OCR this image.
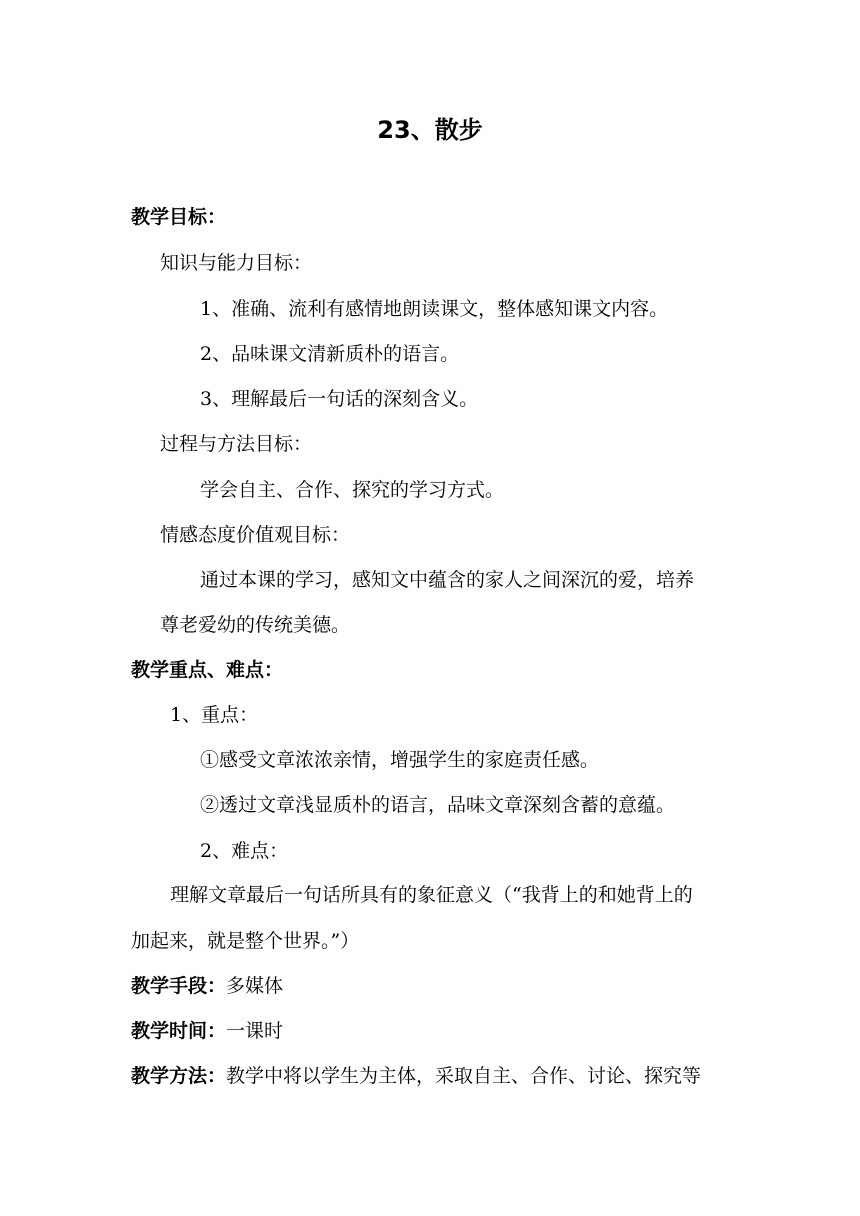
23、散步
教学目标：
知识与能力目标：
1、准确、流利有感情地朗读课文，整体感知课文内容。
2、品味课文清新质朴的语言。
3、理解最后一句话的深刻含义。
过程与方法目标：
学会自主、合作、探究的学习方式。
情感态度价值观目标：
通过本课的学习，感知文中蕴含的家人之间深沉的爱，培养
尊老爱幼的传统美德。
教学重点、难点：
1、重点：
①感受文章浓浓亲情，增强学生的家庭责任感。
②透过文章浅显质朴的语言，品味文章深刻含蓄的意蕴。
2、难点：
理解文章最后一句话所具有的象征意义（“我背上的和她背上的
加起来，就是整个世界。”）
教学手段：多媒体
教学时间：一课时
教学方法：教学中将以学生为主体，采取自主、合作、讨论、探究等
